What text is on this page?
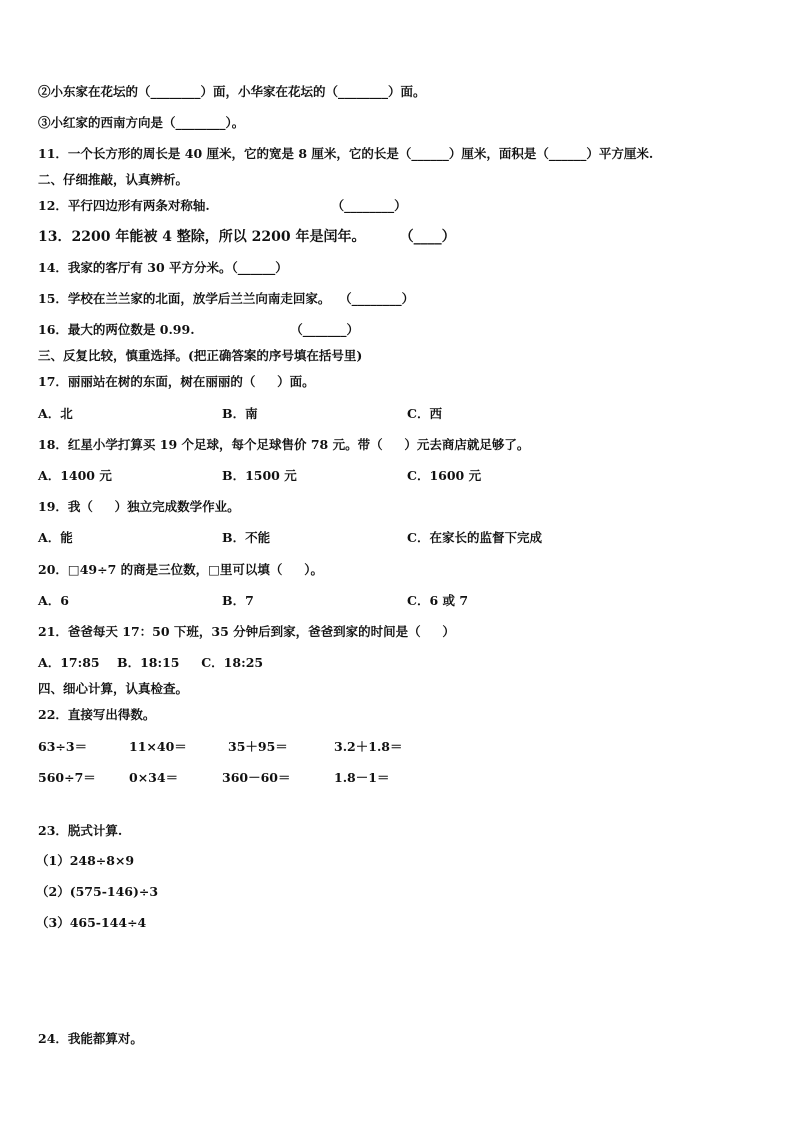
②小东家在花坛的（________）面，小华家在花坛的（________）面。
③小红家的西南方向是（________）。
11．一个长方形的周长是 40 厘米，它的宽是 8 厘米，它的长是（______）厘米，面积是（______）平方厘米.
二、仔细推敲，认真辨析。
12．平行四边形有两条对称轴.                            （________）
13．2200 年能被 4 整除，所以 2200 年是闰年。       （____）
14．我家的客厅有 30 平方分米。（______）
15．学校在兰兰家的北面，放学后兰兰向南走回家。  （________）
16．最大的两位数是 0.99.                      （_______）
三、反复比较，慎重选择。(把正确答案的序号填在括号里)
17．丽丽站在树的东面，树在丽丽的（     ）面。
A．北	B．南	C．西
18．红星小学打算买 19 个足球，每个足球售价 78 元。带（     ）元去商店就足够了。
A．1400 元	B．1500 元	C．1600 元
19．我（     ）独立完成数学作业。
A．能	B．不能	C．在家长的监督下完成
20．□49÷7 的商是三位数，□里可以填（     ）。
A．6	B．7	C．6 或 7
21．爸爸每天 17：50 下班，35 分钟后到家，爸爸到家的时间是（     ）
A．17:85    B．18:15     C．18:25
四、细心计算，认真检查。
22．直接写出得数。
63÷3＝	11×40＝	35＋95＝	3.2＋1.8＝
560÷7＝	0×34＝	360－60＝	1.8－1＝
23．脱式计算.
（1）248÷8×9
（2）(575-146)÷3
（3）465-144÷4
24．我能都算对。
